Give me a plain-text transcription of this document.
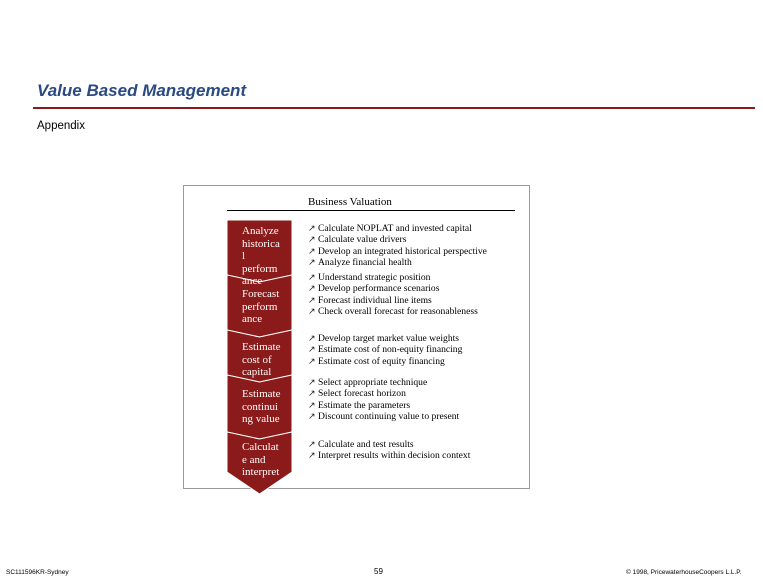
Value Based Management
Appendix
Business Valuation
Analyze historical performance
Forecast performance
Estimate cost of capital
Estimate continuing value
Calculate and interpret
↗ Calculate NOPLAT and invested capital
↗ Calculate value drivers
↗ Develop an integrated historical perspective
↗ Analyze financial health
↗ Understand strategic position
↗ Develop performance scenarios
↗ Forecast individual line items
↗ Check overall forecast for reasonableness
↗ Develop target market value weights
↗ Estimate cost of non-equity financing
↗ Estimate cost of equity financing
↗ Select appropriate technique
↗ Select forecast horizon
↗ Estimate the parameters
↗ Discount continuing value to present
↗ Calculate and test results
↗ Interpret results within decision context
SC111596KR-Sydney	59	© 1998, PricewaterhouseCoopers L.L.P.
